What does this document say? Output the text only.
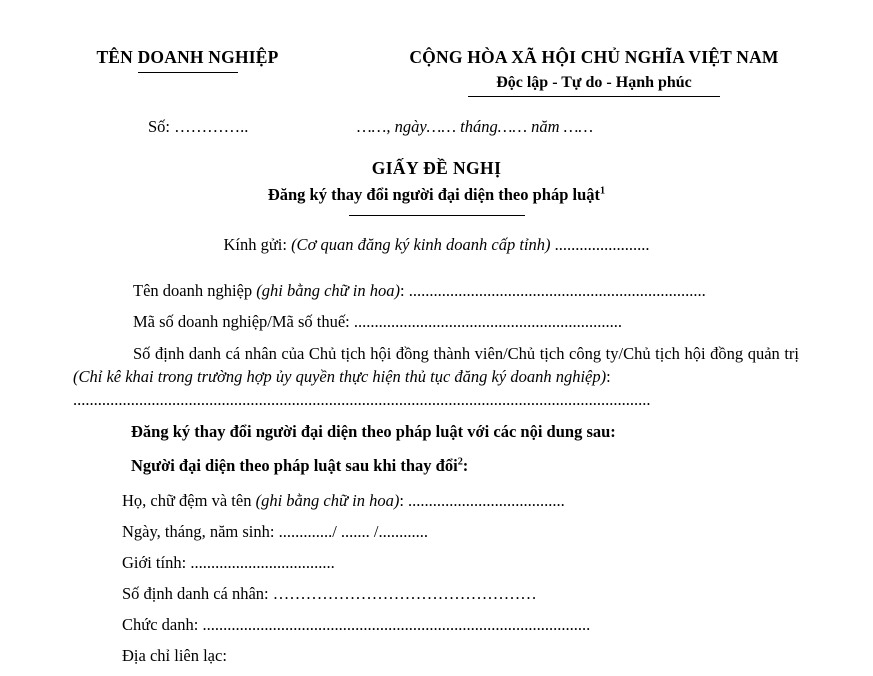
TÊN DOANH NGHIỆP	CỘNG HÒA XÃ HỘI CHỦ NGHĨA VIỆT NAM
Độc lập - Tự do - Hạnh phúc
Số: …………..	……, ngày…… tháng…… năm ……
GIẤY ĐỀ NGHỊ
Đăng ký thay đổi người đại diện theo pháp luật$^1$
Kính gửi: (Cơ quan đăng ký kinh doanh cấp tỉnh) .......................
Tên doanh nghiệp (ghi bằng chữ in hoa): ........................................................................
Mã số doanh nghiệp/Mã số thuế: .................................................................
Số định danh cá nhân của Chủ tịch hội đồng thành viên/Chủ tịch công ty/Chủ tịch hội đồng quản trị (Chỉ kê khai trong trường hợp ủy quyền thực hiện thủ tục đăng ký doanh nghiệp):
............................................................................................................................................
Đăng ký thay đổi người đại diện theo pháp luật với các nội dung sau:
Người đại diện theo pháp luật sau khi thay đổi$^2$:
Họ, chữ đệm và tên (ghi bằng chữ in hoa): ......................................
Ngày, tháng, năm sinh: ............./ ....... /............
Giới tính: ...................................
Số định danh cá nhân: …………………………………………
Chức danh: ..............................................................................................
Địa chỉ liên lạc:
